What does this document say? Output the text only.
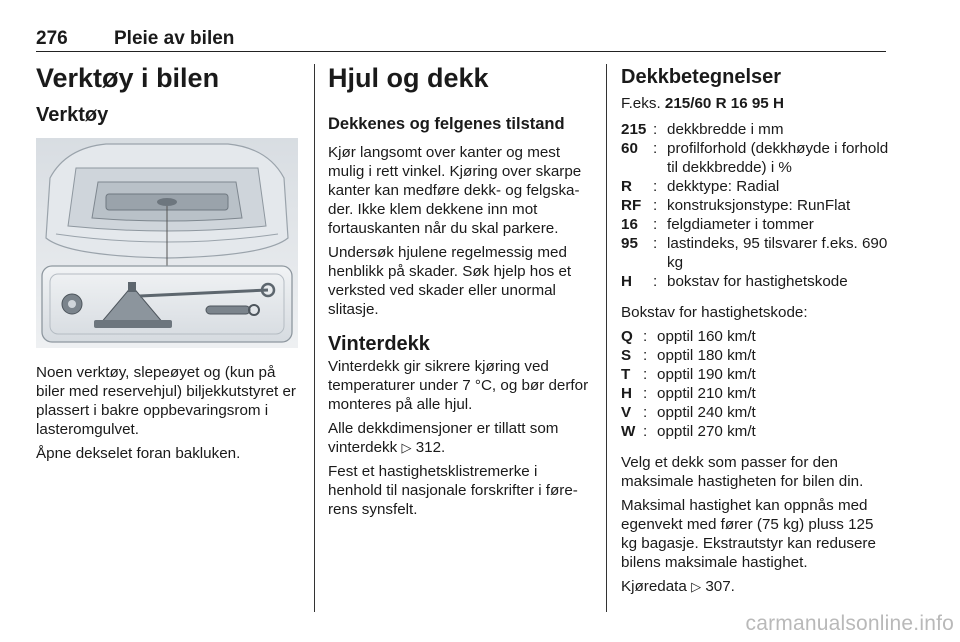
276 Pleie av bilen
Verktøy i bilen
Verktøy

Noen verktøy, slepeøyet og (kun på biler med reservehjul) biljekkutstyret er plassert i bakre oppbevaringsrom i lasteromgulvet.

Åpne dekselet foran bakluken.

Hjul og dekk
Dekkenes og felgenes tilstand

Kjør langsomt over kanter og mest mulig i rett vinkel. Kjøring over skarpe kanter kan medføre dekk- og felgska-der. Ikke klem dekkene inn mot fortauskanten når du skal parkere.

Undersøk hjulene regelmessig med henblikk på skader. Søk hjelp hos et verksted ved skader eller unormal slitasje.

Vinterdekk

Vinterdekk gir sikrere kjøring ved temperaturer under 7 °C, og bør derfor monteres på alle hjul.

Alle dekkdimensjoner er tillatt som vinterdekk ▷ 312.

Fest et hastighetsklistremerke i henhold til nasjonale forskrifter i føre-rens synsfelt.

Dekkbetegnelser
F.eks. 215/60 R 16 95 H
215 : dekkbredde i mm
60 : profilforhold (dekkhøyde i forhold til dekkbredde) i %
R	: dekktype: Radial
RF : konstruksjonstype: RunFlat
16 : felgdiameter i tommer
95 : lastindeks, 95 tilsvarer f.eks. 690 kg
H	: bokstav for hastighetskode

Bokstav for hastighetskode:

Q : opptil 160 km/t
S : opptil 180 km/t
T : opptil 190 km/t
H : opptil 210 km/t
V : opptil 240 km/t
W : opptil 270 km/t

Velg et dekk som passer for den maksimale hastigheten for bilen din.

Maksimal hastighet kan oppnås med egenvekt med fører (75 kg) pluss 125 kg bagasje. Ekstrautstyr kan redusere bilens maksimale hastighet.

Kjøredata ▷ 307.

carmanualsonline.info
